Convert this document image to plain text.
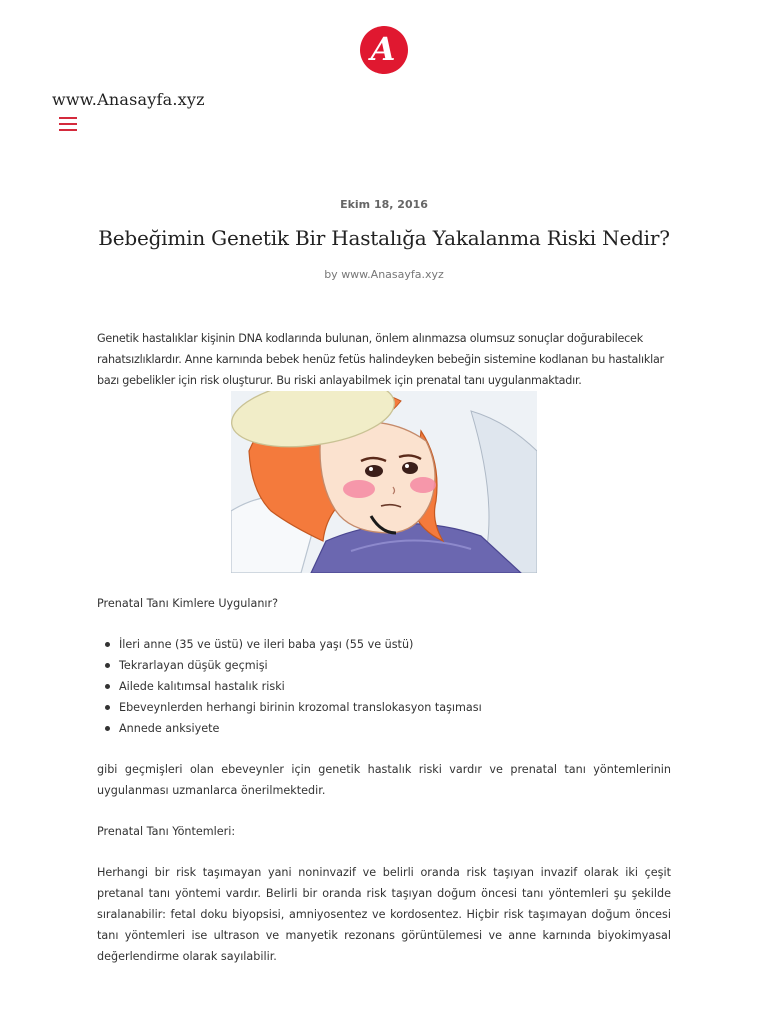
A
www.Anasayfa.xyz
Ekim 18, 2016
Bebeğimin Genetik Bir Hastalığa Yakalanma Riski Nedir?
by www.Anasayfa.xyz

Genetik hastalıklar kişinin DNA kodlarında bulunan, önlem alınmazsa olumsuz sonuçlar doğurabilecek rahatsızlıklardır. Anne karnında bebek henüz fetüs halindeyken bebeğin sistemine kodlanan bu hastalıklar bazı gebelikler için risk oluşturur. Bu riski anlayabilmek için prenatal tanı uygulanmaktadır.

Prenatal Tanı Kimlere Uygulanır?

İleri anne (35 ve üstü) ve ileri baba yaşı (55 ve üstü)
Tekrarlayan düşük geçmişi
Ailede kalıtımsal hastalık riski
Ebeveynlerden herhangi birinin krozomal translokasyon taşıması
Annede anksiyete

gibi geçmişleri olan ebeveynler için genetik hastalık riski vardır ve prenatal tanı yöntemlerinin uygulanması uzmanlarca önerilmektedir.

Prenatal Tanı Yöntemleri:

Herhangi bir risk taşımayan yani noninvazif ve belirli oranda risk taşıyan invazif olarak iki çeşit pretanal tanı yöntemi vardır. Belirli bir oranda risk taşıyan doğum öncesi tanı yöntemleri şu şekilde sıralanabilir: fetal doku biyopsisi, amniyosentez ve kordosentez. Hiçbir risk taşımayan doğum öncesi tanı yöntemleri ise ultrason ve manyetik rezonans görüntülemesi ve anne karnında biyokimyasal değerlendirme olarak sayılabilir.
